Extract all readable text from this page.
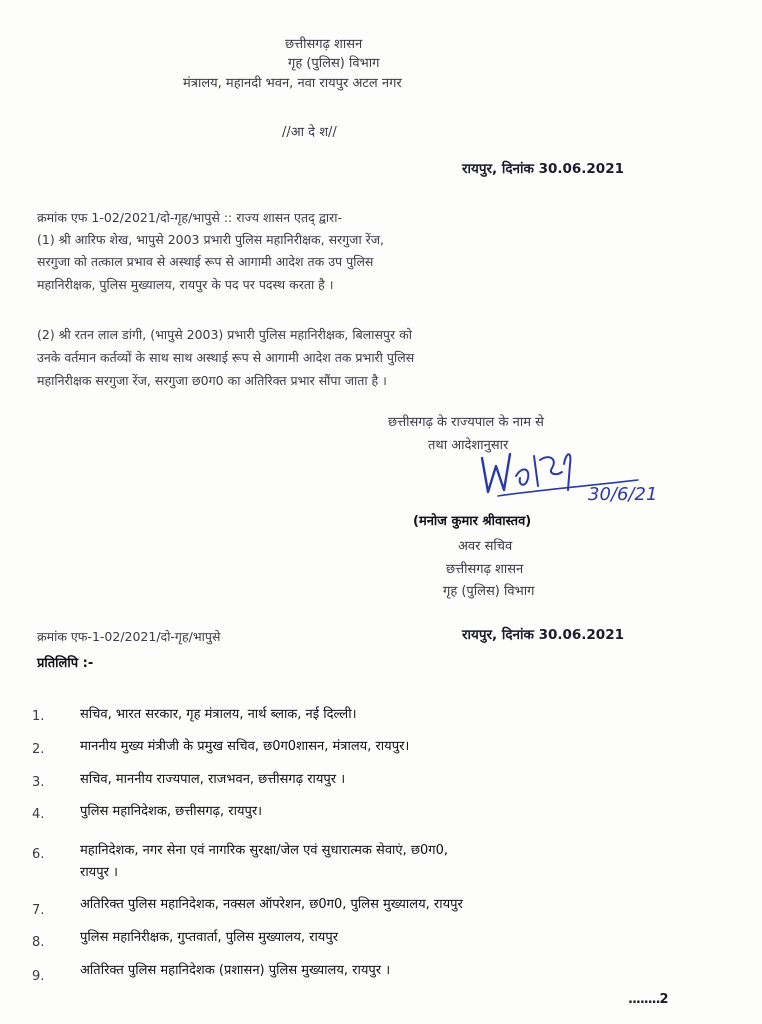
छत्तीसगढ़ शासन
गृह (पुलिस) विभाग
मंत्रालय, महानदी भवन, नवा रायपुर अटल नगर
//आ दे श//
रायपुर, दिनांक 30.06.2021
क्रमांक एफ 1-02/2021/दो-गृह/भापुसे :: राज्य शासन एतद् द्वारा-
(1) श्री आरिफ शेख, भापुसे 2003 प्रभारी पुलिस महानिरीक्षक, सरगुजा रेंज,
सरगुजा को तत्काल प्रभाव से अस्थाई रूप से आगामी आदेश तक उप पुलिस
महानिरीक्षक, पुलिस मुख्यालय, रायपुर के पद पर पदस्थ करता है ।
(2) श्री रतन लाल डांगी, (भापुसे 2003) प्रभारी पुलिस महानिरीक्षक, बिलासपुर को
उनके वर्तमान कर्तव्यों के साथ साथ अस्थाई रूप से आगामी आदेश तक प्रभारी पुलिस
महानिरीक्षक सरगुजा रेंज, सरगुजा छ0ग0 का अतिरिक्त प्रभार सौंपा जाता है ।
छत्तीसगढ़ के राज्यपाल के नाम से
तथा आदेशानुसार
30/6/21
(मनोज कुमार श्रीवास्तव)
अवर सचिव
छत्तीसगढ़ शासन
गृह (पुलिस) विभाग
क्रमांक एफ-1-02/2021/दो-गृह/भापुसे	रायपुर, दिनांक 30.06.2021
प्रतिलिपि :-
1.	सचिव, भारत सरकार, गृह मंत्रालय, नार्थ ब्लाक, नई दिल्ली।
2.	माननीय मुख्य मंत्रीजी के प्रमुख सचिव, छ0ग0शासन, मंत्रालय, रायपुर।
3.	सचिव, माननीय राज्यपाल, राजभवन, छत्तीसगढ़ रायपुर ।
4.	पुलिस महानिदेशक, छत्तीसगढ़, रायपुर।
6.	महानिदेशक, नगर सेना एवं नागरिक सुरक्षा/जेल एवं सुधारात्मक सेवाएं, छ0ग0,
रायपुर ।
7.	अतिरिक्त पुलिस महानिदेशक, नक्सल ऑपरेशन, छ0ग0, पुलिस मुख्यालय, रायपुर
8.	पुलिस महानिरीक्षक, गुप्तवार्ता, पुलिस मुख्यालय, रायपुर
9.	अतिरिक्त पुलिस महानिदेशक (प्रशासन) पुलिस मुख्यालय, रायपुर ।
........2
